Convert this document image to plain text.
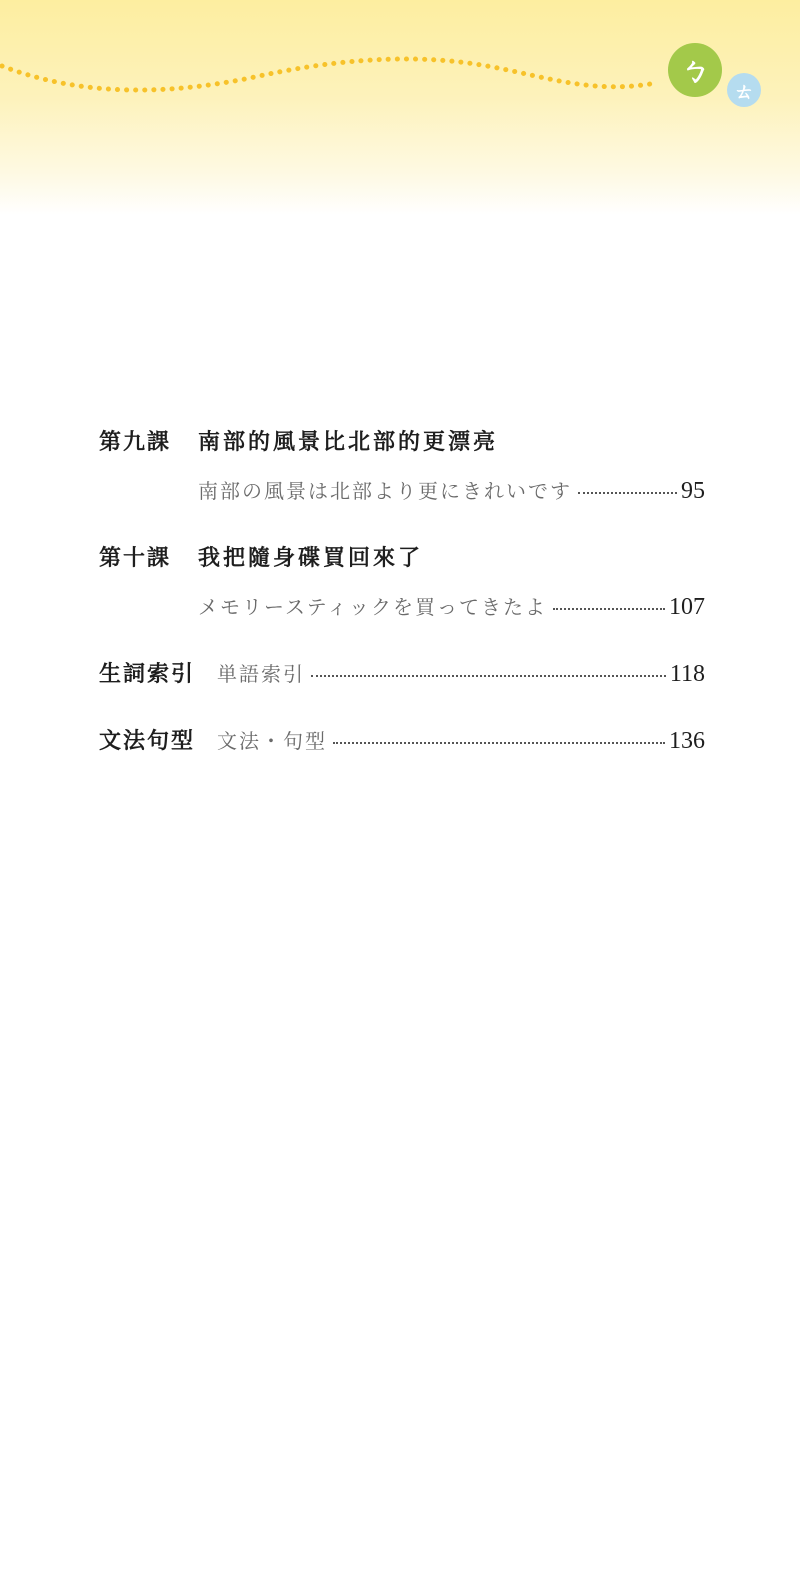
ㄅ
ㄊ
第九課	南部的風景比北部的更漂亮
南部の風景は北部より更にきれいです	95
第十課	我把隨身碟買回來了
メモリースティックを買ってきたよ	107
生詞索引 単語索引	118
文法句型 文法・句型	136
